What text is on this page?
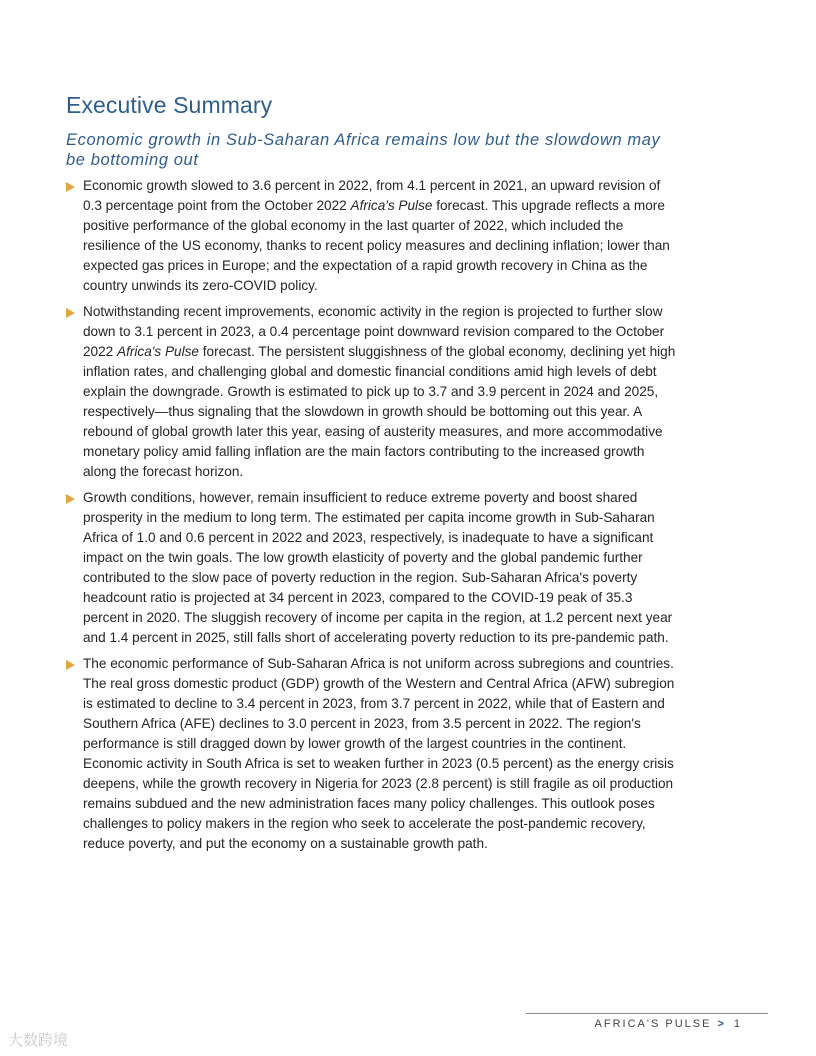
Executive Summary
Economic growth in Sub-Saharan Africa remains low but the slowdown may be bottoming out
Economic growth slowed to 3.6 percent in 2022, from 4.1 percent in 2021, an upward revision of 0.3 percentage point from the October 2022 Africa's Pulse forecast. This upgrade reflects a more positive performance of the global economy in the last quarter of 2022, which included the resilience of the US economy, thanks to recent policy measures and declining inflation; lower than expected gas prices in Europe; and the expectation of a rapid growth recovery in China as the country unwinds its zero-COVID policy.
Notwithstanding recent improvements, economic activity in the region is projected to further slow down to 3.1 percent in 2023, a 0.4 percentage point downward revision compared to the October 2022 Africa's Pulse forecast. The persistent sluggishness of the global economy, declining yet high inflation rates, and challenging global and domestic financial conditions amid high levels of debt explain the downgrade. Growth is estimated to pick up to 3.7 and 3.9 percent in 2024 and 2025, respectively—thus signaling that the slowdown in growth should be bottoming out this year. A rebound of global growth later this year, easing of austerity measures, and more accommodative monetary policy amid falling inflation are the main factors contributing to the increased growth along the forecast horizon.
Growth conditions, however, remain insufficient to reduce extreme poverty and boost shared prosperity in the medium to long term. The estimated per capita income growth in Sub-Saharan Africa of 1.0 and 0.6 percent in 2022 and 2023, respectively, is inadequate to have a significant impact on the twin goals. The low growth elasticity of poverty and the global pandemic further contributed to the slow pace of poverty reduction in the region. Sub-Saharan Africa's poverty headcount ratio is projected at 34 percent in 2023, compared to the COVID-19 peak of 35.3 percent in 2020. The sluggish recovery of income per capita in the region, at 1.2 percent next year and 1.4 percent in 2025, still falls short of accelerating poverty reduction to its pre-pandemic path.
The economic performance of Sub-Saharan Africa is not uniform across subregions and countries. The real gross domestic product (GDP) growth of the Western and Central Africa (AFW) subregion is estimated to decline to 3.4 percent in 2023, from 3.7 percent in 2022, while that of Eastern and Southern Africa (AFE) declines to 3.0 percent in 2023, from 3.5 percent in 2022. The region's performance is still dragged down by lower growth of the largest countries in the continent. Economic activity in South Africa is set to weaken further in 2023 (0.5 percent) as the energy crisis deepens, while the growth recovery in Nigeria for 2023 (2.8 percent) is still fragile as oil production remains subdued and the new administration faces many policy challenges. This outlook poses challenges to policy makers in the region who seek to accelerate the post-pandemic recovery, reduce poverty, and put the economy on a sustainable growth path.
AFRICA'S PULSE > 1
大数跨境
